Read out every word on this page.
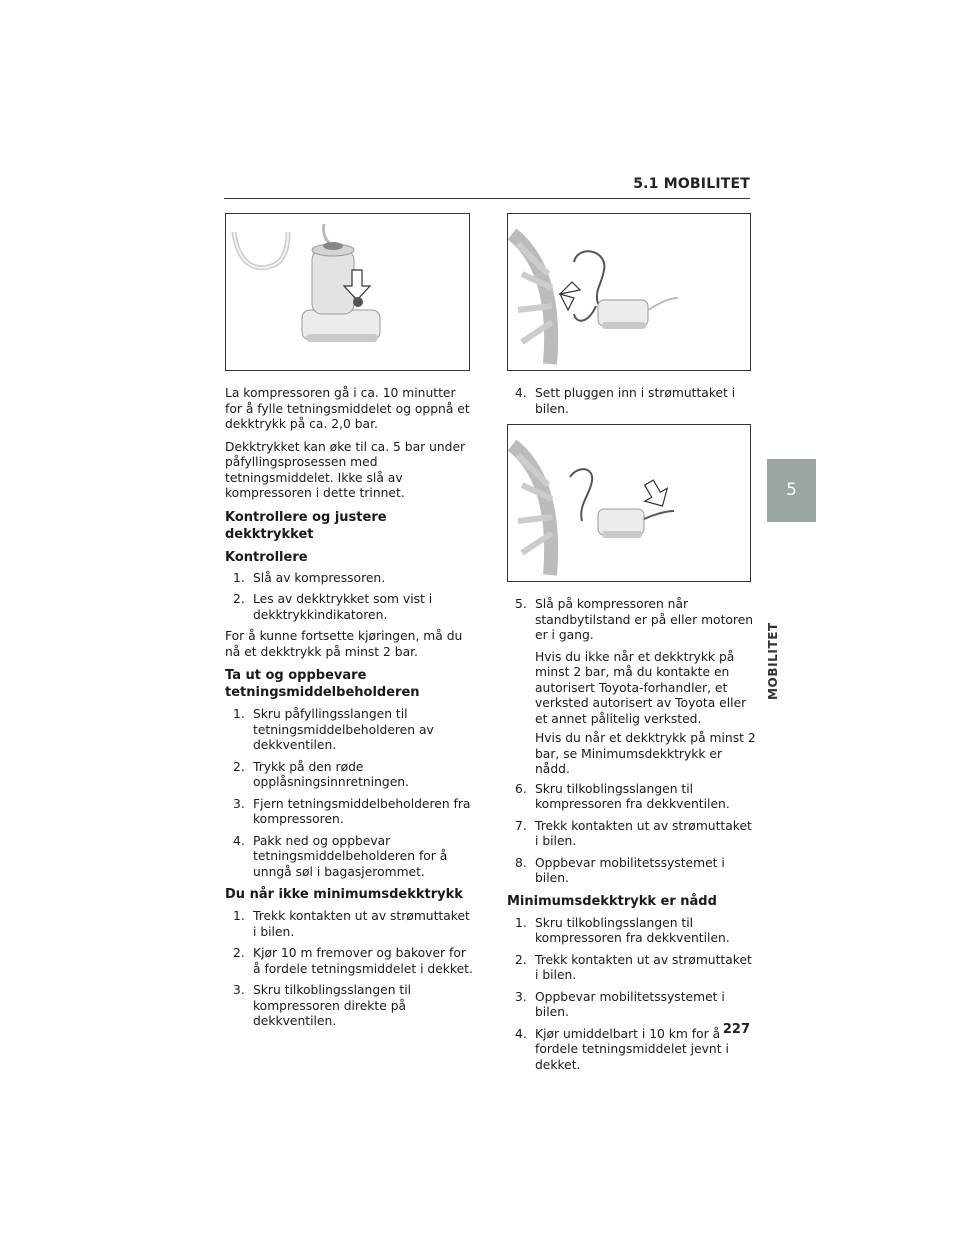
5.1 MOBILITET
5
MOBILITET

La kompressoren gå i ca. 10 minutter for å fylle tetningsmiddelet og oppnå et dekktrykk på ca. 2,0 bar.

Dekktrykket kan øke til ca. 5 bar under påfyllingsprosessen med tetningsmiddelet. Ikke slå av kompressoren i dette trinnet.

Kontrollere og justere dekktrykket
Kontrollere
1. Slå av kompressoren.
2. Les av dekktrykket som vist i dekktrykkindikatoren.

For å kunne fortsette kjøringen, må du nå et dekktrykk på minst 2 bar.

Ta ut og oppbevare tetningsmiddelbeholderen
1. Skru påfyllingsslangen til tetningsmiddelbeholderen av dekkventilen.
2. Trykk på den røde opplåsningsinnretningen.
3. Fjern tetningsmiddelbeholderen fra kompressoren.
4. Pakk ned og oppbevar tetningsmiddelbeholderen for å unngå søl i bagasjerommet.
Du når ikke minimumsdekktrykk
1. Trekk kontakten ut av strømuttaket i bilen.
2. Kjør 10 m fremover og bakover for å fordele tetningsmiddelet i dekket.
3. Skru tilkoblingsslangen til kompressoren direkte på dekkventilen.
4. Sett pluggen inn i strømuttaket i bilen.
5. Slå på kompressoren når standbytilstand er på eller motoren er i gang.

Hvis du ikke når et dekktrykk på minst 2 bar, må du kontakte en autorisert Toyota-forhandler, et verksted autorisert av Toyota eller et annet pålitelig verksted.

Hvis du når et dekktrykk på minst 2 bar, se Minimumsdekktrykk er nådd.

6. Skru tilkoblingsslangen til kompressoren fra dekkventilen.
7. Trekk kontakten ut av strømuttaket i bilen.
8. Oppbevar mobilitetssystemet i bilen.
Minimumsdekktrykk er nådd
1. Skru tilkoblingsslangen til kompressoren fra dekkventilen.
2. Trekk kontakten ut av strømuttaket i bilen.
3. Oppbevar mobilitetssystemet i bilen.
4. Kjør umiddelbart i 10 km for å fordele tetningsmiddelet jevnt i dekket.
227
